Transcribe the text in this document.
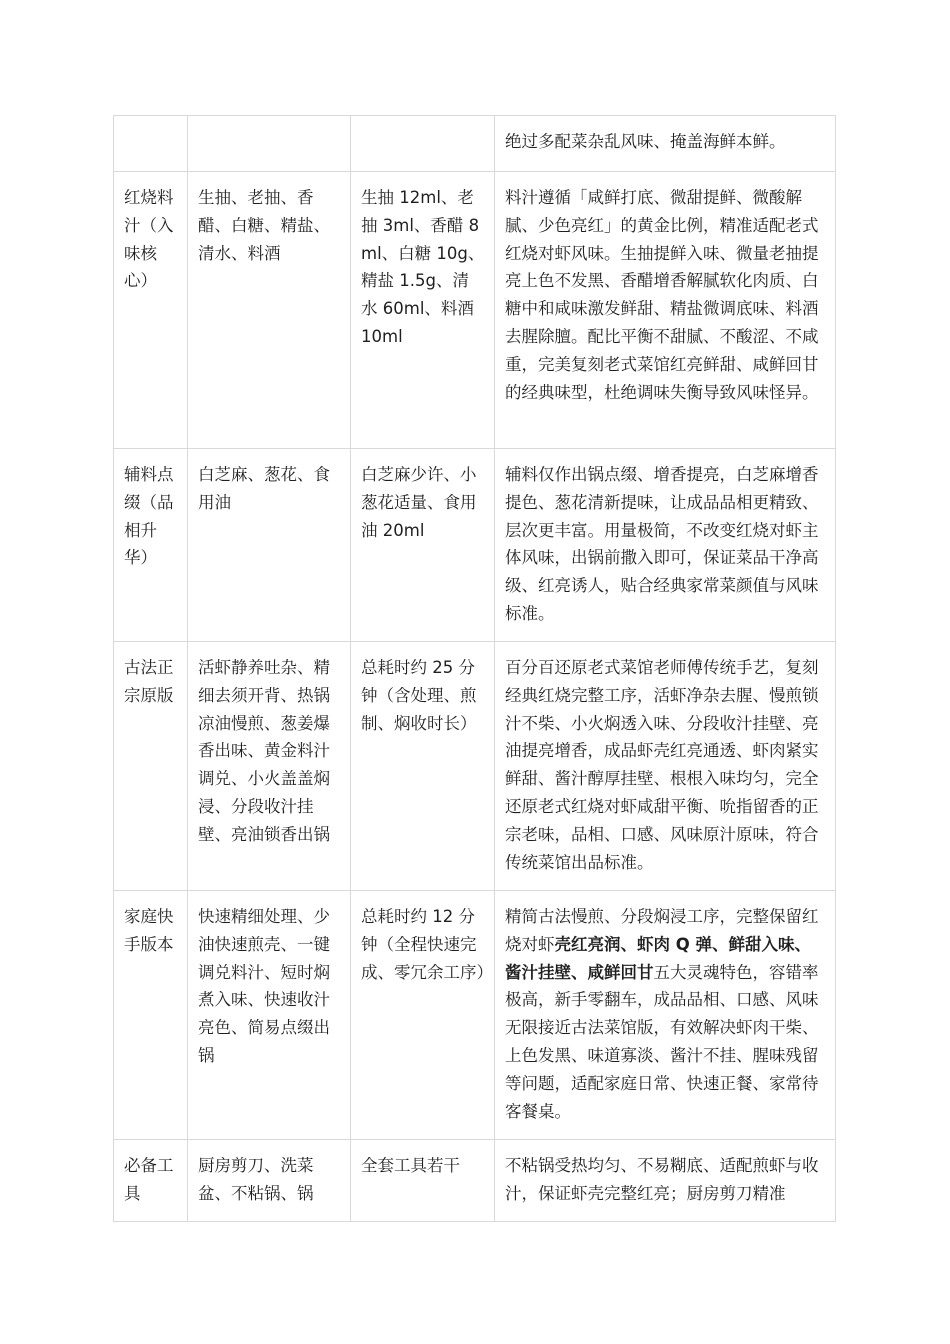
			绝过多配菜杂乱风味、掩盖海鲜本鲜。
红烧料汁（入味核心）	生抽、老抽、香醋、白糖、精盐、清水、料酒	生抽 12ml、老抽 3ml、香醋 8ml、白糖 10g、精盐 1.5g、清水 60ml、料酒 10ml	料汁遵循「咸鲜打底、微甜提鲜、微酸解腻、少色亮红」的黄金比例，精准适配老式红烧对虾风味。生抽提鲜入味、微量老抽提亮上色不发黑、香醋增香解腻软化肉质、白糖中和咸味激发鲜甜、精盐微调底味、料酒去腥除膻。配比平衡不甜腻、不酸涩、不咸重，完美复刻老式菜馆红亮鲜甜、咸鲜回甘的经典味型，杜绝调味失衡导致风味怪异。
辅料点缀（品相升华）	白芝麻、葱花、食用油	白芝麻少许、小葱花适量、食用油 20ml	辅料仅作出锅点缀、增香提亮，白芝麻增香提色、葱花清新提味，让成品品相更精致、层次更丰富。用量极简，不改变红烧对虾主体风味，出锅前撒入即可，保证菜品干净高级、红亮诱人，贴合经典家常菜颜值与风味标准。
古法正宗原版	活虾静养吐杂、精细去须开背、热锅凉油慢煎、葱姜爆香出味、黄金料汁调兑、小火盖盖焖浸、分段收汁挂壁、亮油锁香出锅	总耗时约 25 分钟（含处理、煎制、焖收时长）	百分百还原老式菜馆老师傅传统手艺，复刻经典红烧完整工序，活虾净杂去腥、慢煎锁汁不柴、小火焖透入味、分段收汁挂壁、亮油提亮增香，成品虾壳红亮通透、虾肉紧实鲜甜、酱汁醇厚挂壁、根根入味均匀，完全还原老式红烧对虾咸甜平衡、吮指留香的正宗老味，品相、口感、风味原汁原味，符合传统菜馆出品标准。
家庭快手版本	快速精细处理、少油快速煎壳、一键调兑料汁、短时焖煮入味、快速收汁亮色、简易点缀出锅	总耗时约 12 分钟（全程快速完成、零冗余工序）	精简古法慢煎、分段焖浸工序，完整保留红烧对虾壳红亮润、虾肉 Q 弹、鲜甜入味、酱汁挂壁、咸鲜回甘五大灵魂特色，容错率极高，新手零翻车，成品品相、口感、风味无限接近古法菜馆版，有效解决虾肉干柴、上色发黑、味道寡淡、酱汁不挂、腥味残留等问题，适配家庭日常、快速正餐、家常待客餐桌。
必备工具	厨房剪刀、洗菜盆、不粘锅、锅	全套工具若干	不粘锅受热均匀、不易糊底、适配煎虾与收汁，保证虾壳完整红亮；厨房剪刀精准
